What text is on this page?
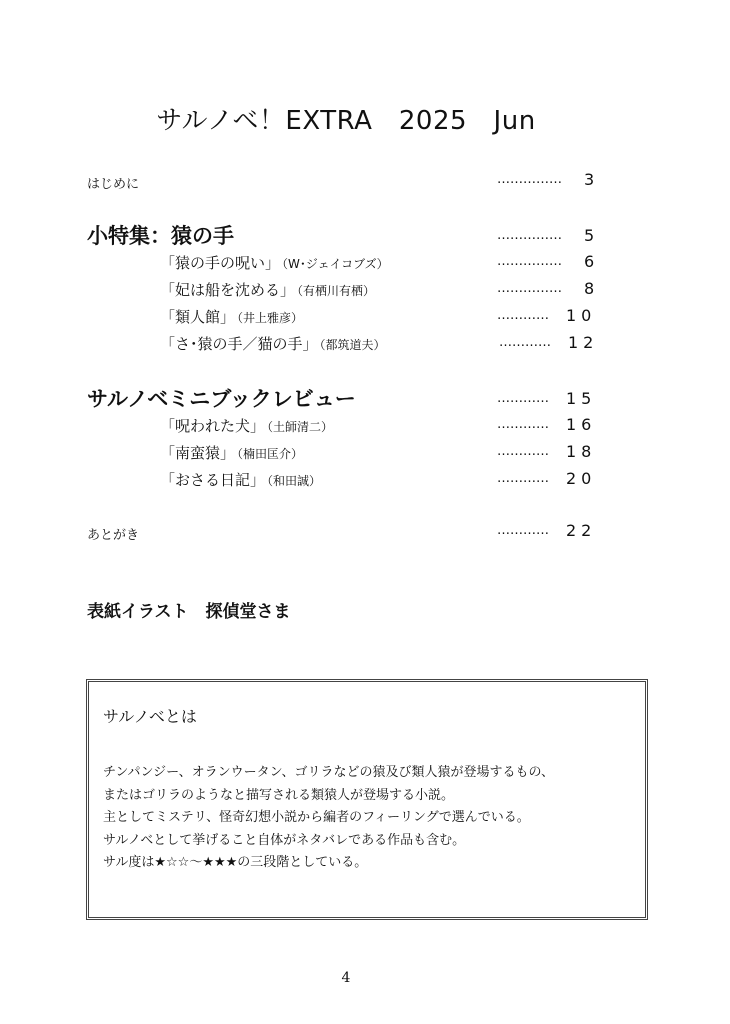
サルノベ！EXTRA　2025　Jun
はじめに	…………… 3
小特集：猿の手	…………… 5
「猿の手の呪い」 （W･ジェイコブズ）	…………… 6
「妃は船を沈める」 （有栖川有栖）	…………… 8
「類人館」 （井上雅彦）	………… 10
「さ･猿の手／猫の手」 （都筑道夫）	………… 12
サルノベミニブックレビュー	………… 15
「呪われた犬」 （土師清二）	………… 16
「南蛮猿」 （楠田匡介）	………… 18
「おさる日記」 （和田誠）	………… 20
あとがき	………… 22
表紙イラスト　探偵堂さま
サルノベとは
チンパンジー、オランウータン、ゴリラなどの猿及び類人猿が登場するもの、
またはゴリラのようなと描写される類猿人が登場する小説。
主としてミステリ、怪奇幻想小説から編者のフィーリングで選んでいる。
サルノベとして挙げること自体がネタバレである作品も含む。
サル度は★☆☆～★★★の三段階としている。
4
